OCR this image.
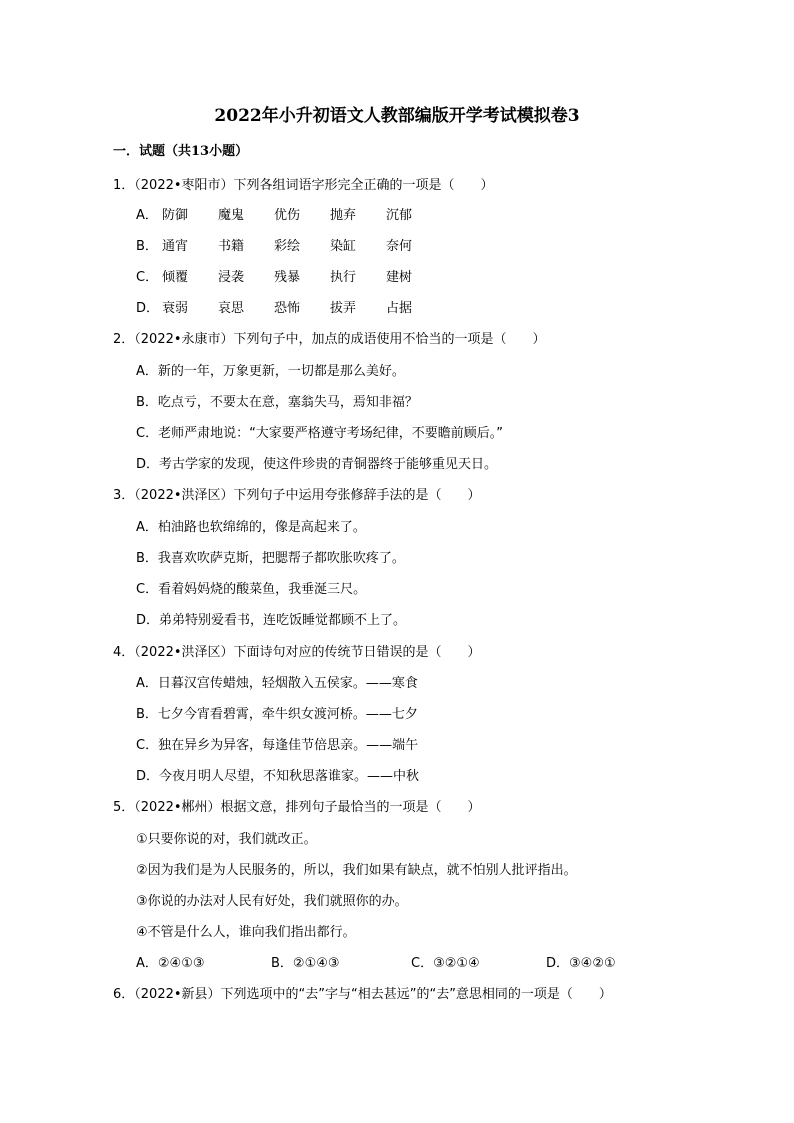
2022年小升初语文人教部编版开学考试模拟卷3
一．试题（共13小题）
1．（2022•枣阳市）下列各组词语字形完全正确的一项是（　　）
A． 防御 魔鬼 优伤 抛弃 沉郁
B． 通宵 书籍 彩绘 染缸 奈何
C． 倾覆 浸袭 残暴 执行 建树
D． 衰弱 哀思 恐怖 拔弄 占据
2．（2022•永康市）下列句子中，加点的成语使用不恰当的一项是（　　）
A．新的一年，万象更新，一切都是那么美好。
B．吃点亏，不要太在意，塞翁失马，焉知非福？
C．老师严肃地说：“大家要严格遵守考场纪律，不要瞻前顾后。”
D．考古学家的发现，使这件珍贵的青铜器终于能够重见天日。
3．（2022•洪泽区）下列句子中运用夸张修辞手法的是（　　）
A．柏油路也软绵绵的，像是高起来了。
B．我喜欢吹萨克斯，把腮帮子都吹胀吹疼了。
C．看着妈妈烧的酸菜鱼，我垂涎三尺。
D．弟弟特别爱看书，连吃饭睡觉都顾不上了。
4．（2022•洪泽区）下面诗句对应的传统节日错误的是（　　）
A．日暮汉宫传蜡烛，轻烟散入五侯家。——寒食
B．七夕今宵看碧霄，牵牛织女渡河桥。——七夕
C．独在异乡为异客，每逢佳节倍思亲。——端午
D．今夜月明人尽望，不知秋思落谁家。——中秋
5．（2022•郴州）根据文意，排列句子最恰当的一项是（　　）
①只要你说的对，我们就改正。
②因为我们是为人民服务的，所以，我们如果有缺点，就不怕别人批评指出。
③你说的办法对人民有好处，我们就照你的办。
④不管是什么人，谁向我们指出都行。
A．②④①③	B．②①④③	C．③②①④	D．③④②①
6．（2022•新县）下列选项中的“去”字与“相去甚远”的“去”意思相同的一项是（　　）
